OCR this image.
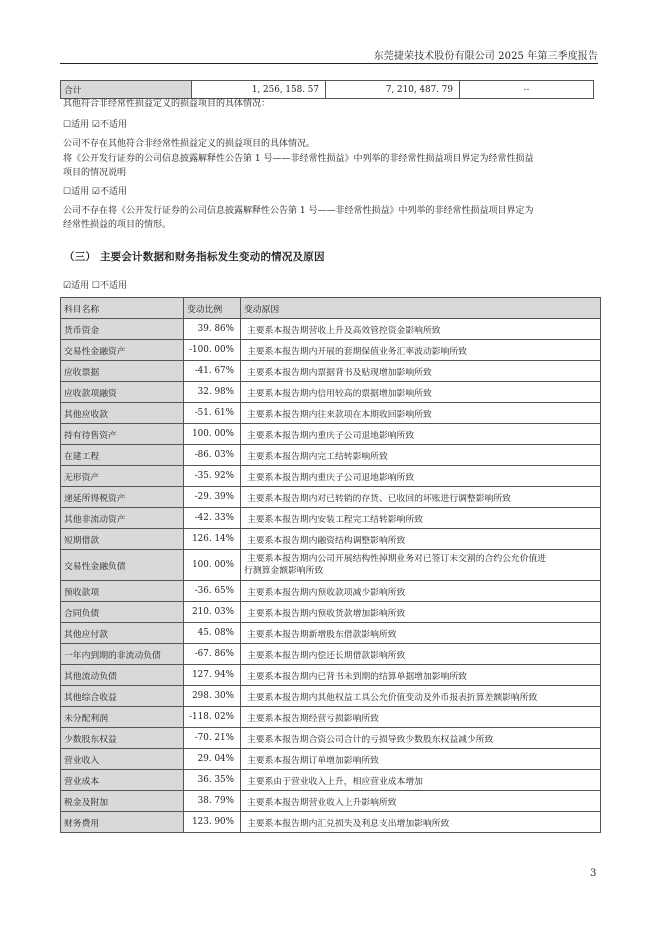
东莞捷荣技术股份有限公司 2025 年第三季度报告
合计	1, 256, 158. 57	7, 210, 487. 79	--
其他符合非经常性损益定义的损益项目的具体情况：
☐适用 ☑不适用
公司不存在其他符合非经常性损益定义的损益项目的具体情况。
将《公开发行证券的公司信息披露解释性公告第 1 号——非经常性损益》中列举的非经常性损益项目界定为经常性损益
项目的情况说明
☐适用 ☑不适用
公司不存在将《公开发行证券的公司信息披露解释性公告第 1 号——非经常性损益》中列举的非经常性损益项目界定为
经常性损益的项目的情形。
（三） 主要会计数据和财务指标发生变动的情况及原因
☑适用 ☐不适用
科目名称	变动比例	变动原因
货币资金	39. 86%	主要系本报告期营收上升及高效管控资金影响所致
交易性金融资产	-100. 00%	主要系本报告期内开展的套期保值业务汇率波动影响所致
应收票据	-41. 67%	主要系本报告期内票据背书及贴现增加影响所致
应收款项融资	32. 98%	主要系本报告期内信用较高的票据增加影响所致
其他应收款	-51. 61%	主要系本报告期内往来款项在本期收回影响所致
持有待售资产	100. 00%	主要系本报告期内重庆子公司退地影响所致
在建工程	-86. 03%	主要系本报告期内完工结转影响所致
无形资产	-35. 92%	主要系本报告期内重庆子公司退地影响所致
递延所得税资产	-29. 39%	主要系本报告期内对已转销的存货、已收回的坏账进行调整影响所致
其他非流动资产	-42. 33%	主要系本报告期内安装工程完工结转影响所致
短期借款	126. 14%	主要系本报告期内融资结构调整影响所致
交易性金融负债	100. 00%	主要系本报告期内公司开展结构性掉期业务对已签订未交割的合约公允价值进
行测算金额影响所致

预收款项	-36. 65%	主要系本报告期内预收款项减少影响所致
合同负债	210. 03%	主要系本报告期内预收货款增加影响所致
其他应付款	45. 08%	主要系本报告期新增股东借款影响所致
一年内到期的非流动负债	-67. 86%	主要系本报告期内偿还长期借款影响所致
其他流动负债	127. 94%	主要系本报告期内已背书未到期的结算单据增加影响所致
其他综合收益	298. 30%	主要系本报告期内其他权益工具公允价值变动及外币报表折算差额影响所致
未分配利润	-118. 02%	主要系本报告期经营亏损影响所致
少数股东权益	-70. 21%	主要系本报告期合资公司合计的亏损导致少数股东权益减少所致
营业收入	29. 04%	主要系本报告期订单增加影响所致
营业成本	36. 35%	主要系由于营业收入上升，相应营业成本增加
税金及附加	38. 79%	主要系本报告期营业收入上升影响所致
财务费用	123. 90%	主要系本报告期内汇兑损失及利息支出增加影响所致
3
